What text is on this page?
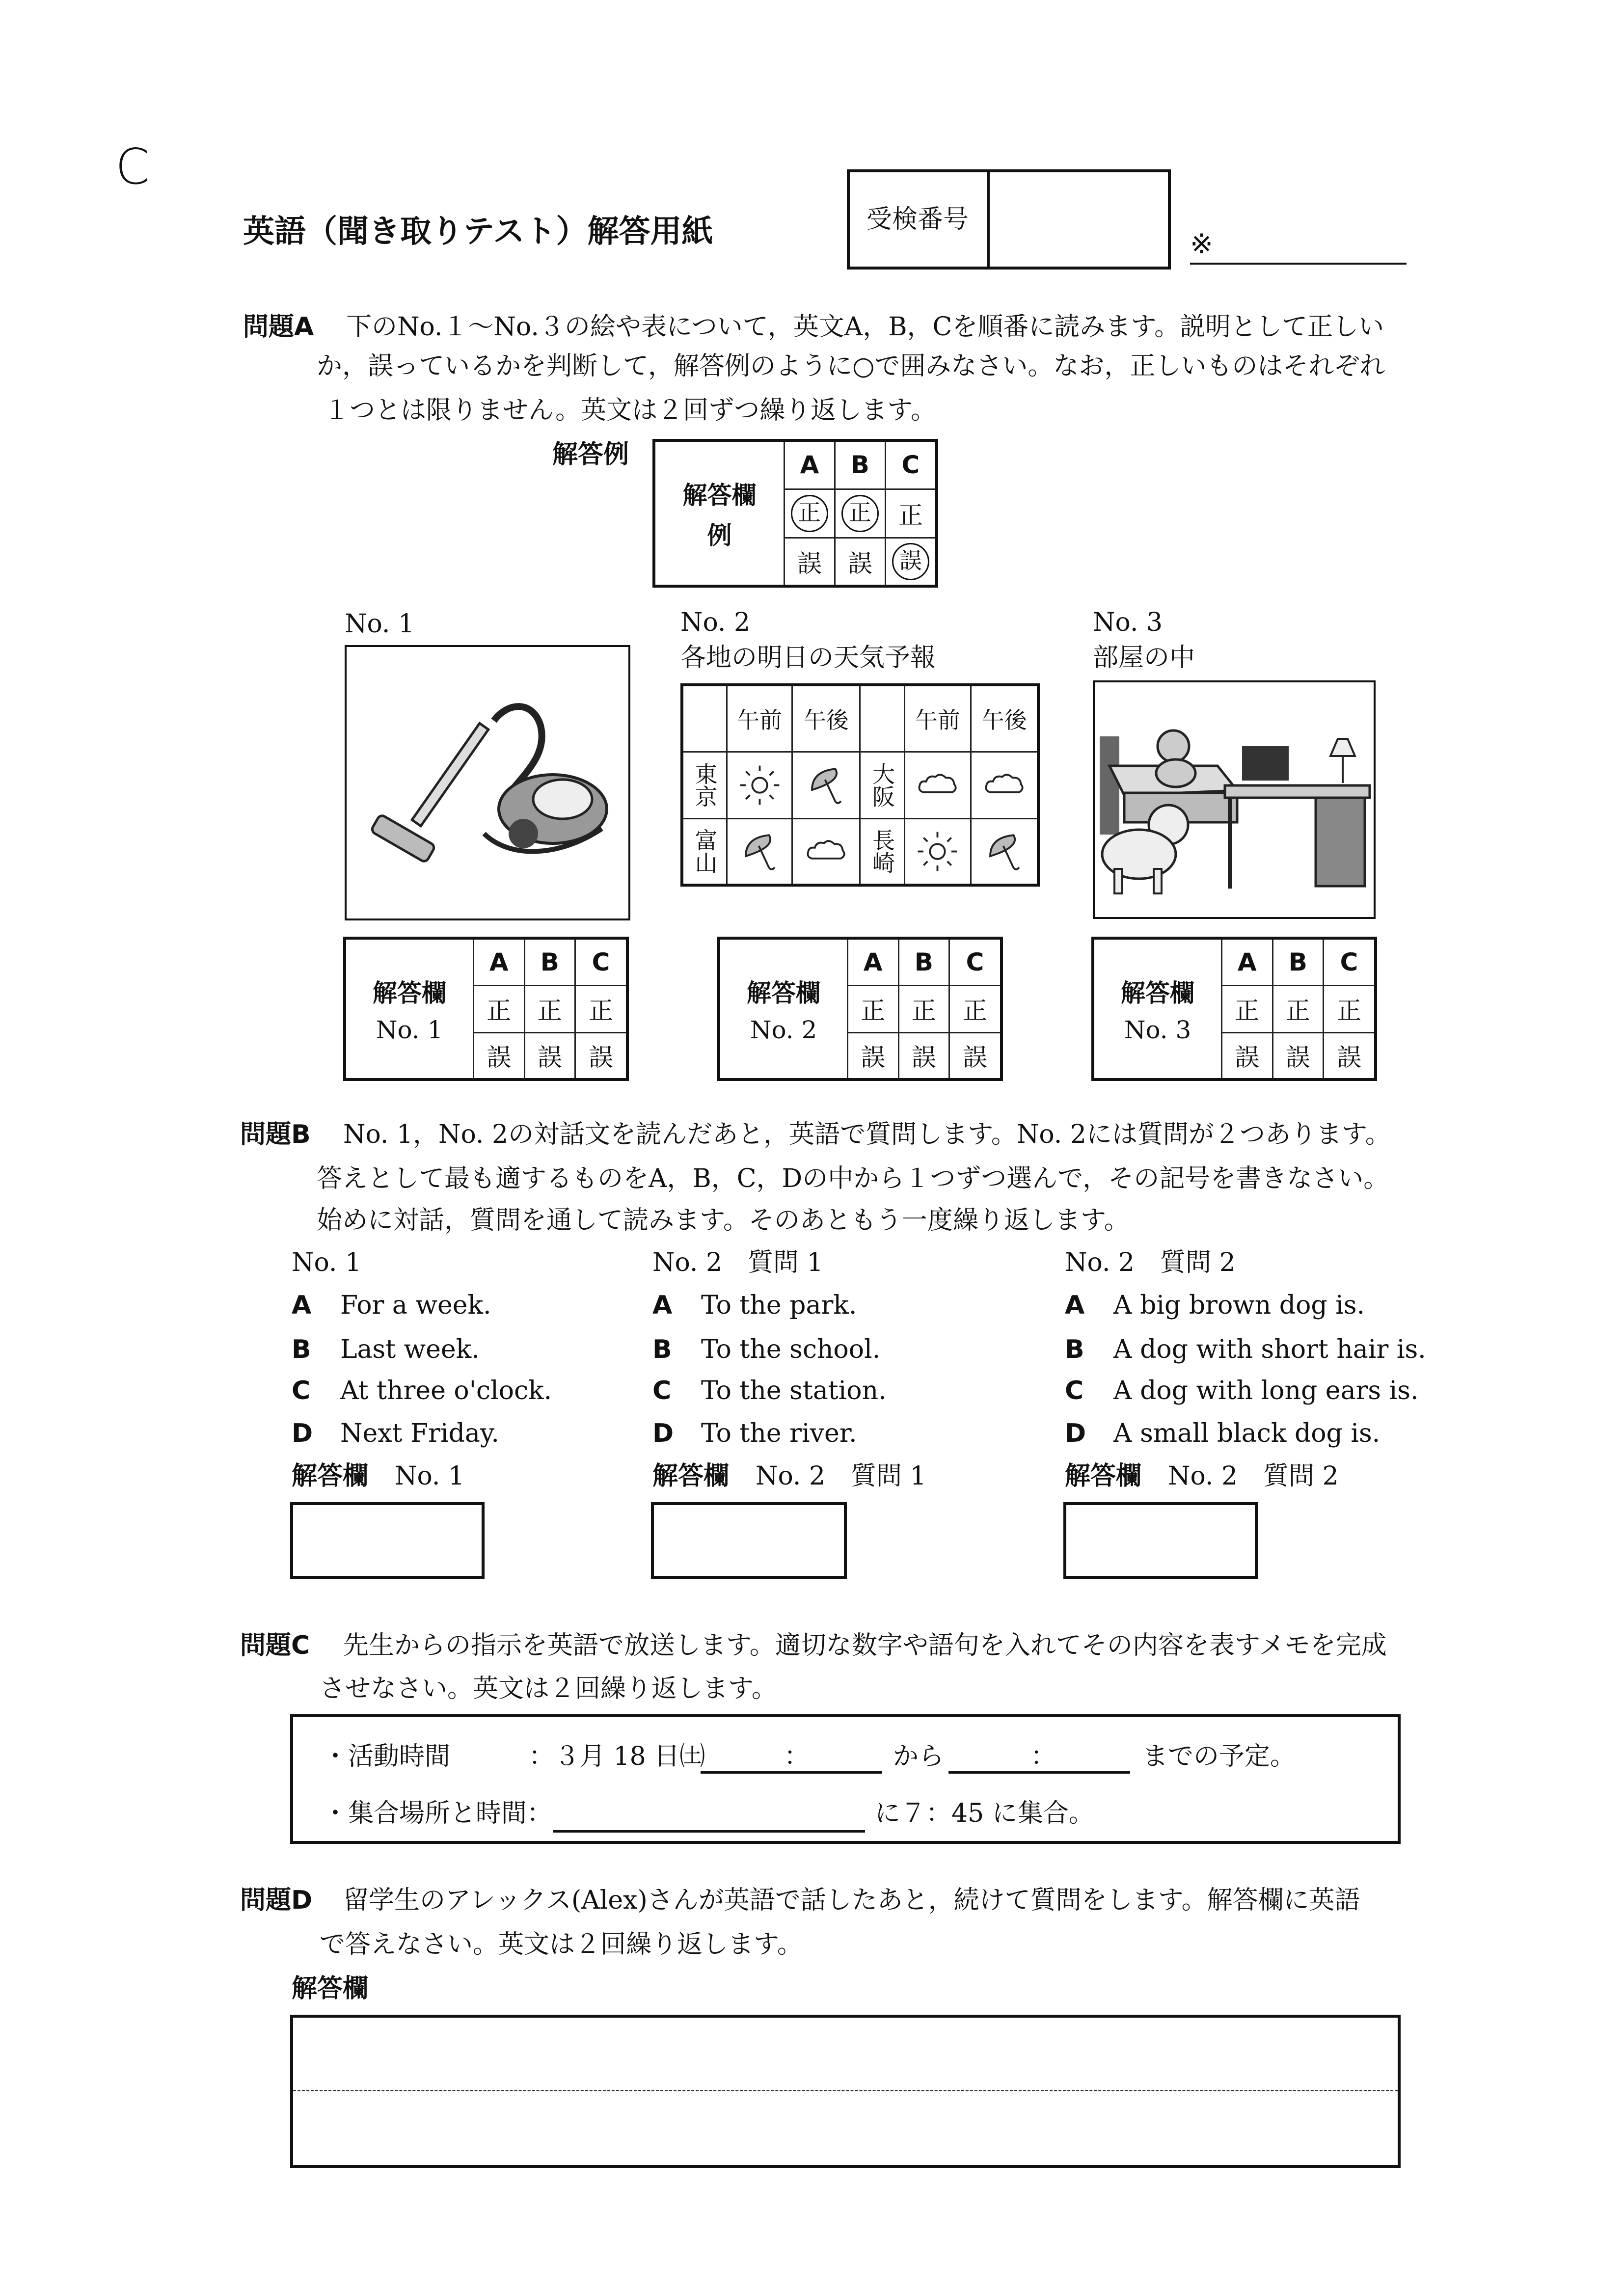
C
英語（聞き取りテスト）解答用紙	受検番号
※
問題A 下のNo.１～No.３の絵や表について，英文A，B，Cを順番に読みます。説明として正しい
か，誤っているかを判断して，解答例のように○で囲みなさい。なお，正しいものはそれぞれ
１つとは限りません。英文は２回ずつ繰り返します。
解答例
解答欄
例	A	B	C
	正	正	正
	誤	誤	誤
No. 1	No. 2
各地の明日の天気予報
	午前	午後		午前	午後
東京			大阪	

富山			長崎	

No. 3
部屋の中
解答欄
No. 1	A	B	C
	正	正	正
	誤	誤	誤
解答欄
No. 2	A	B	C
	正	正	正
	誤	誤	誤
解答欄
No. 3	A	B	C
	正	正	正
	誤	誤	誤
問題B No. 1，No. 2の対話文を読んだあと，英語で質問します。No. 2には質問が２つあります。
答えとして最も適するものをA，B，C，Dの中から１つずつ選んで，その記号を書きなさい。
始めに対話，質問を通して読みます。そのあともう一度繰り返します。
No. 1
A For a week.
B Last week.
C At three o'clock.
D Next Friday.
解答欄 No. 1
No. 2　質問 1
A To the park.
B To the school.
C To the station.
D To the river.
解答欄 No. 2　質問 1
No. 2　質問 2
A A big brown dog is.
B A dog with short hair is.
C A dog with long ears is.
D A small black dog is.
解答欄 No. 2　質問 2
問題C 先生からの指示を英語で放送します。適切な数字や語句を入れてその内容を表すメモを完成
させなさい。英文は２回繰り返します。
・活動時間	：３月 18 日㈯	：	から	：	までの予定。
・集合場所と時間：	に７：45 に集合。
問題D 留学生のアレックス(Alex)さんが英語で話したあと，続けて質問をします。解答欄に英語
で答えなさい。英文は２回繰り返します。
解答欄
